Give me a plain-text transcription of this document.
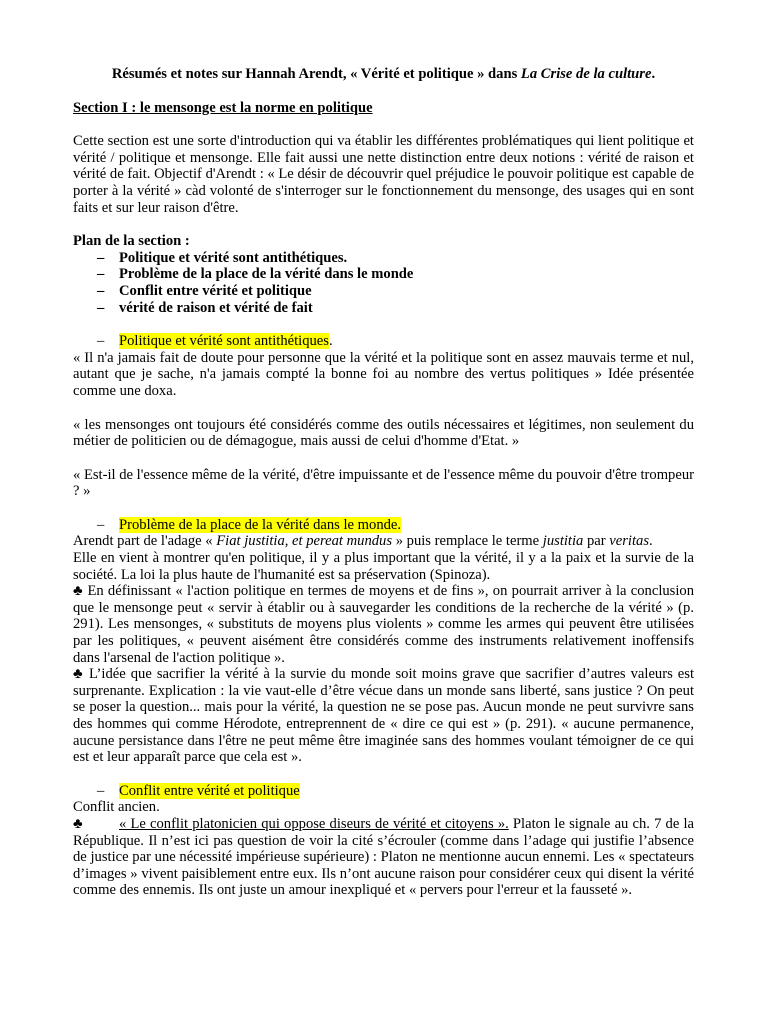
Résumés et notes sur Hannah Arendt, « Vérité et politique » dans La Crise de la culture.

Section I : le mensonge est la norme en politique

Cette section est une sorte d'introduction qui va établir les différentes problématiques qui lient politique et vérité / politique et mensonge. Elle fait aussi une nette distinction entre deux notions : vérité de raison et vérité de fait. Objectif d'Arendt : « Le désir de découvrir quel préjudice le pouvoir politique est capable de porter à la vérité » càd volonté de s'interroger sur le fonctionnement du mensonge, des usages qui en sont faits et sur leur raison d'être.

Plan de la section :

– Politique et vérité sont antithétiques.
– Problème de la place de la vérité dans le monde
– Conflit entre vérité et politique
– vérité de raison et vérité de fait
– Politique et vérité sont antithétiques.

« Il n'a jamais fait de doute pour personne que la vérité et la politique sont en assez mauvais terme et nul, autant que je sache, n'a jamais compté la bonne foi au nombre des vertus politiques » Idée présentée comme une doxa.

« les mensonges ont toujours été considérés comme des outils nécessaires et légitimes, non seulement du métier de politicien ou de démagogue, mais aussi de celui d'homme d'Etat. »

« Est-il de l'essence même de la vérité, d'être impuissante et de l'essence même du pouvoir d'être trompeur ? »

– Problème de la place de la vérité dans le monde.

Arendt part de l'adage « Fiat justitia, et pereat mundus » puis remplace le terme justitia par veritas.

Elle en vient à montrer qu'en politique, il y a plus important que la vérité, il y a la paix et la survie de la société. La loi la plus haute de l'humanité est sa préservation (Spinoza).

♣ En définissant « l'action politique en termes de moyens et de fins », on pourrait arriver à la conclusion que le mensonge peut « servir à établir ou à sauvegarder les conditions de la recherche de la vérité » (p. 291). Les mensonges, « substituts de moyens plus violents » comme les armes qui peuvent être utilisées par les politiques, « peuvent aisément être considérés comme des instruments relativement inoffensifs dans l'arsenal de l'action politique ».

♣ L’idée que sacrifier la vérité à la survie du monde soit moins grave que sacrifier d’autres valeurs est surprenante. Explication : la vie vaut-elle d’être vécue dans un monde sans liberté, sans justice ? On peut se poser la question... mais pour la vérité, la question ne se pose pas. Aucun monde ne peut survivre sans des hommes qui comme Hérodote, entreprennent de « dire ce qui est » (p. 291). « aucune permanence, aucune persistance dans l'être ne peut même être imaginée sans des hommes voulant témoigner de ce qui est et leur apparaît parce que cela est ».

– Conflit entre vérité et politique

Conflit ancien.

♣ « Le conflit platonicien qui oppose diseurs de vérité et citoyens ». Platon le signale au ch. 7 de la République. Il n’est ici pas question de voir la cité s’écrouler (comme dans l’adage qui justifie l’absence de justice par une nécessité impérieuse supérieure) : Platon ne mentionne aucun ennemi. Les « spectateurs d’images » vivent paisiblement entre eux. Ils n’ont aucune raison pour considérer ceux qui disent la vérité comme des ennemis. Ils ont juste un amour inexpliqué et « pervers pour l'erreur et la fausseté ».
